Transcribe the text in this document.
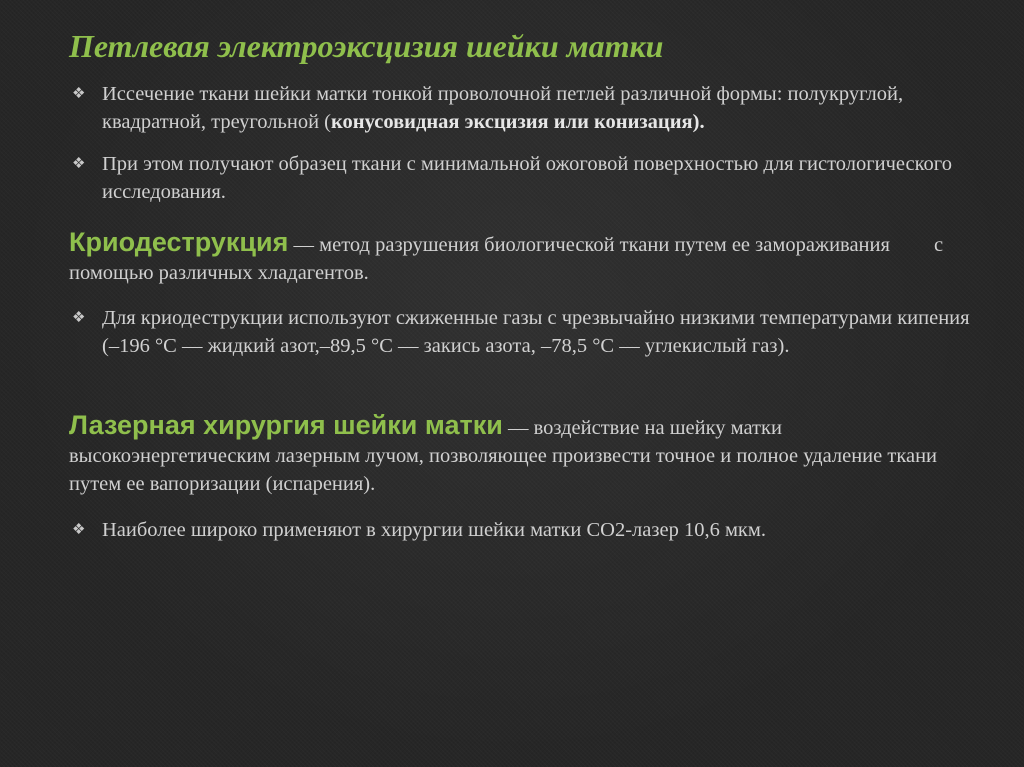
Петлевая электроэксцизия шейки матки
❖ Иссечение ткани шейки матки тонкой проволочной петлей различной формы: полукруглой, квадратной, треугольной (конусовидная эксцизия или конизация).
❖ При этом получают образец ткани с минимальной ожоговой поверхностью для гистологического исследования.
Криодеструкция — метод разрушения биологической ткани путем ее замораживания с помощью различных хладагентов.
❖ Для криодеструкции используют сжиженные газы с чрезвычайно низкими температурами кипения (–196 °С — жидкий азот,–89,5 °С — закись азота, –78,5 °С — углекислый газ).
Лазерная хирургия шейки матки — воздействие на шейку матки высокоэнергетическим лазерным лучом, позволяющее произвести точное и полное удаление ткани путем ее вапоризации (испарения).
❖ Наиболее широко применяют в хирургии шейки матки СО2-лазер 10,6 мкм.
